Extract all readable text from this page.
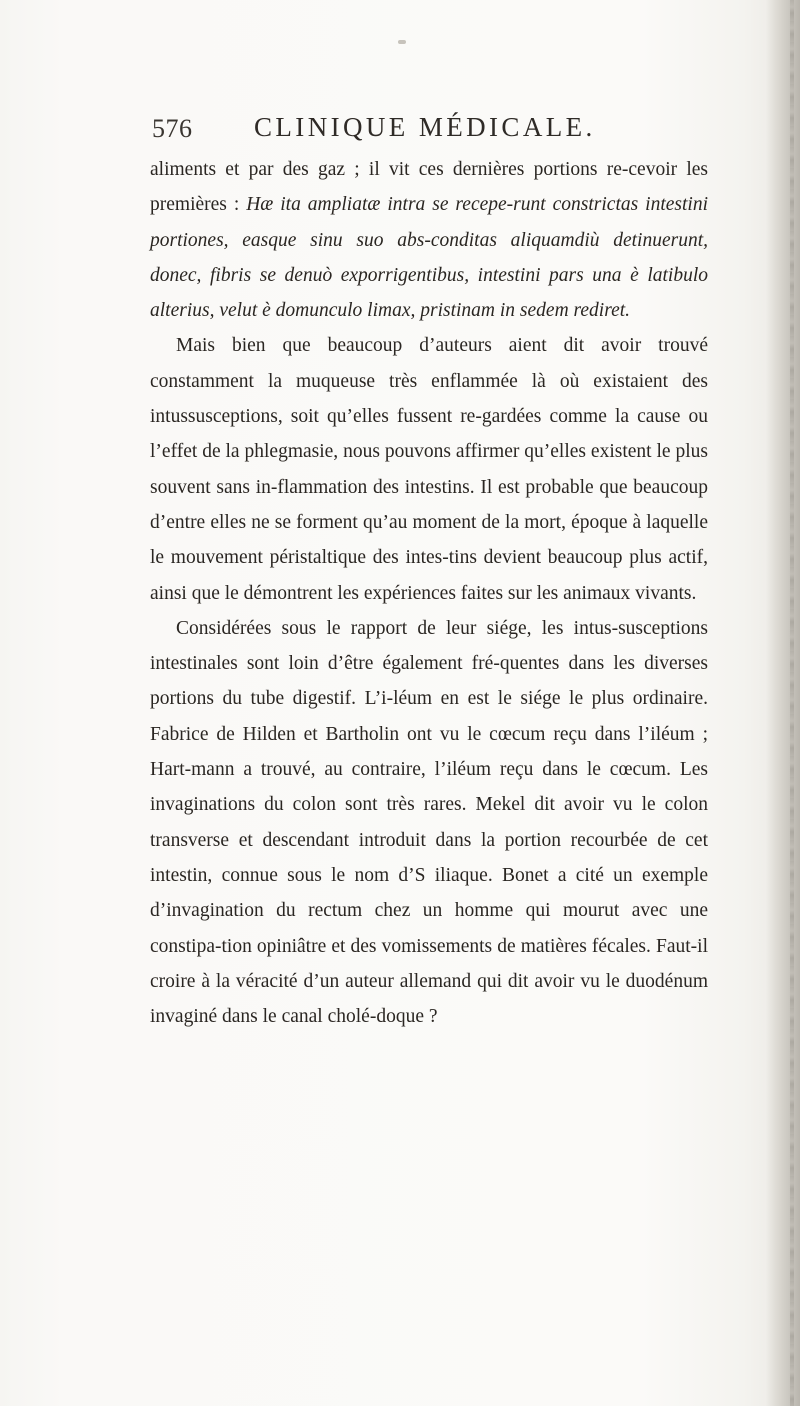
576 CLINIQUE MÉDICALE.

aliments et par des gaz ; il vit ces dernières portions re-cevoir les premières : Hæ ita ampliatæ intra se recepe-runt constrictas intestini portiones, easque sinu suo abs-conditas aliquamdiù detinuerunt, donec, fibris se denuò exporrigentibus, intestini pars una è latibulo alterius, velut è domunculo limax, pristinam in sedem rediret.

Mais bien que beaucoup d’auteurs aient dit avoir trouvé constamment la muqueuse très enflammée là où existaient des intussusceptions, soit qu’elles fussent re-gardées comme la cause ou l’effet de la phlegmasie, nous pouvons affirmer qu’elles existent le plus souvent sans in-flammation des intestins. Il est probable que beaucoup d’entre elles ne se forment qu’au moment de la mort, époque à laquelle le mouvement péristaltique des intes-tins devient beaucoup plus actif, ainsi que le démontrent les expériences faites sur les animaux vivants.

Considérées sous le rapport de leur siége, les intus-susceptions intestinales sont loin d’être également fré-quentes dans les diverses portions du tube digestif. L’i-léum en est le siége le plus ordinaire. Fabrice de Hilden et Bartholin ont vu le cœcum reçu dans l’iléum ; Hart-mann a trouvé, au contraire, l’iléum reçu dans le cœcum. Les invaginations du colon sont très rares. Mekel dit avoir vu le colon transverse et descendant introduit dans la portion recourbée de cet intestin, connue sous le nom d’S iliaque. Bonet a cité un exemple d’invagination du rectum chez un homme qui mourut avec une constipa-tion opiniâtre et des vomissements de matières fécales. Faut-il croire à la véracité d’un auteur allemand qui dit avoir vu le duodénum invaginé dans le canal cholé-doque ?
